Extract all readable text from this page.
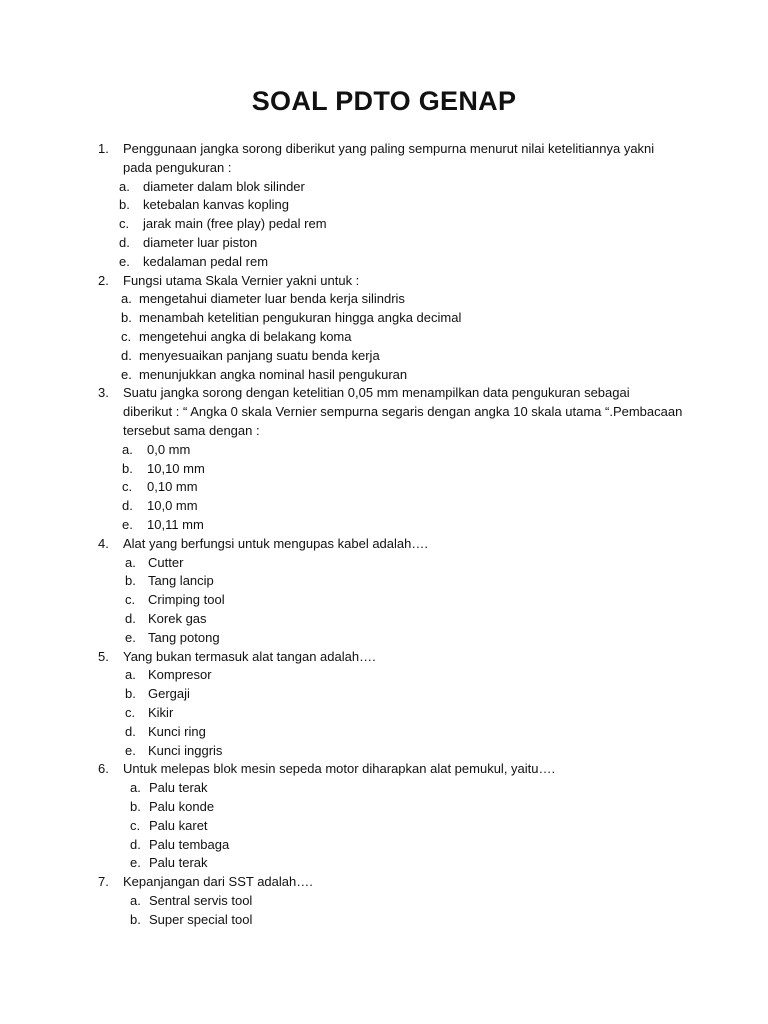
SOAL PDTO GENAP
1. Penggunaan jangka sorong diberikut yang paling sempurna menurut nilai ketelitiannya yakni
pada pengukuran :
a. diameter dalam blok silinder
b. ketebalan kanvas kopling
c. jarak main (free play) pedal rem
d. diameter luar piston
e. kedalaman pedal rem
2. Fungsi utama Skala Vernier yakni untuk :
a. mengetahui diameter luar benda kerja silindris
b. menambah ketelitian pengukuran hingga angka decimal
c. mengetehui angka di belakang koma
d. menyesuaikan panjang suatu benda kerja
e. menunjukkan angka nominal hasil pengukuran
3. Suatu jangka sorong dengan ketelitian 0,05 mm menampilkan data pengukuran sebagai
diberikut : “ Angka 0 skala Vernier sempurna segaris dengan angka 10 skala utama “.Pembacaan
tersebut sama dengan :
a. 0,0 mm
b. 10,10 mm
c. 0,10 mm
d. 10,0 mm
e. 10,11 mm
4. Alat yang berfungsi untuk mengupas kabel adalah….
a. Cutter
b. Tang lancip
c. Crimping tool
d. Korek gas
e. Tang potong
5. Yang bukan termasuk alat tangan adalah….
a. Kompresor
b. Gergaji
c. Kikir
d. Kunci ring
e. Kunci inggris
6. Untuk melepas blok mesin sepeda motor diharapkan alat pemukul, yaitu….
a. Palu terak
b. Palu konde
c. Palu karet
d. Palu tembaga
e. Palu terak
7. Kepanjangan dari SST adalah….
a. Sentral servis tool
b. Super special tool
